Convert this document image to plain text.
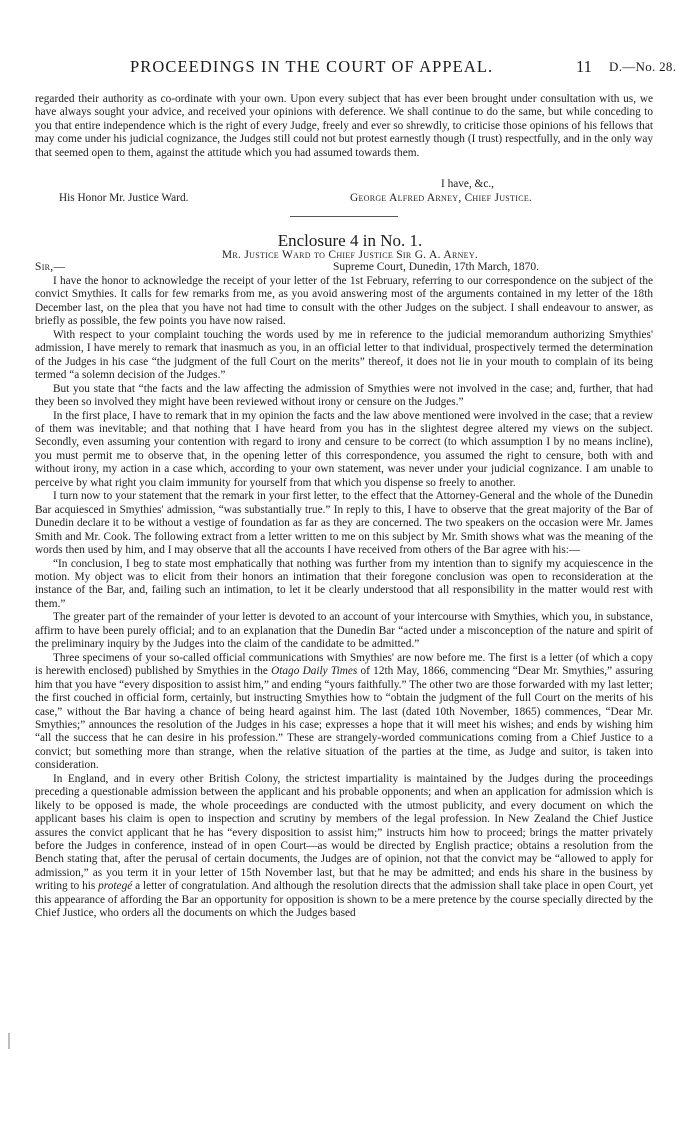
PROCEEDINGS IN THE COURT OF APPEAL.	11 D.—No. 28.

regarded their authority as co-ordinate with your own. Upon every subject that has ever been brought under consultation with us, we have always sought your advice, and received your opinions with deference. We shall continue to do the same, but while conceding to you that entire independence which is the right of every Judge, freely and ever so shrewdly, to criticise those opinions of his fellows that may come under his judicial cognizance, the Judges still could not but protest earnestly though (I trust) respectfully, and in the only way that seemed open to them, against the attitude which you had assumed towards them.

I have, &c.,
His Honor Mr. Justice Ward.	George Alfred Arney, Chief Justice.
Enclosure 4 in No. 1.
Mr. Justice Ward to Chief Justice Sir G. A. Arney.
Sir,—	Supreme Court, Dunedin, 17th March, 1870.

I have the honor to acknowledge the receipt of your letter of the 1st February, referring to our correspondence on the subject of the convict Smythies. It calls for few remarks from me, as you avoid answering most of the arguments contained in my letter of the 18th December last, on the plea that you have not had time to consult with the other Judges on the subject. I shall endeavour to answer, as briefly as possible, the few points you have now raised.

With respect to your complaint touching the words used by me in reference to the judicial memorandum authorizing Smythies' admission, I have merely to remark that inasmuch as you, in an official letter to that individual, prospectively termed the determination of the Judges in his case “the judgment of the full Court on the merits” thereof, it does not lie in your mouth to complain of its being termed “a solemn decision of the Judges.”

But you state that “the facts and the law affecting the admission of Smythies were not involved in the case; and, further, that had they been so involved they might have been reviewed without irony or censure on the Judges.”

In the first place, I have to remark that in my opinion the facts and the law above mentioned were involved in the case; that a review of them was inevitable; and that nothing that I have heard from you has in the slightest degree altered my views on the subject. Secondly, even assuming your contention with regard to irony and censure to be correct (to which assumption I by no means incline), you must permit me to observe that, in the opening letter of this correspondence, you assumed the right to censure, both with and without irony, my action in a case which, according to your own statement, was never under your judicial cognizance. I am unable to perceive by what right you claim immunity for yourself from that which you dispense so freely to another.

I turn now to your statement that the remark in your first letter, to the effect that the Attorney-General and the whole of the Dunedin Bar acquiesced in Smythies' admission, “was substantially true.” In reply to this, I have to observe that the great majority of the Bar of Dunedin declare it to be without a vestige of foundation as far as they are concerned. The two speakers on the occasion were Mr. James Smith and Mr. Cook. The following extract from a letter written to me on this subject by Mr. Smith shows what was the meaning of the words then used by him, and I may observe that all the accounts I have received from others of the Bar agree with his:—

“In conclusion, I beg to state most emphatically that nothing was further from my intention than to signify my acquiescence in the motion. My object was to elicit from their honors an intimation that their foregone conclusion was open to reconsideration at the instance of the Bar, and, failing such an intimation, to let it be clearly understood that all responsibility in the matter would rest with them.”

The greater part of the remainder of your letter is devoted to an account of your intercourse with Smythies, which you, in substance, affirm to have been purely official; and to an explanation that the Dunedin Bar “acted under a misconception of the nature and spirit of the preliminary inquiry by the Judges into the claim of the candidate to be admitted.”

Three specimens of your so-called official communications with Smythies' are now before me. The first is a letter (of which a copy is herewith enclosed) published by Smythies in the Otago Daily Times of 12th May, 1866, commencing “Dear Mr. Smythies,” assuring him that you have “every disposition to assist him,” and ending “yours faithfully.” The other two are those forwarded with my last letter; the first couched in official form, certainly, but instructing Smythies how to “obtain the judgment of the full Court on the merits of his case,” without the Bar having a chance of being heard against him. The last (dated 10th November, 1865) commences, “Dear Mr. Smythies;” announces the resolution of the Judges in his case; expresses a hope that it will meet his wishes; and ends by wishing him “all the success that he can desire in his profession.” These are strangely-worded communications coming from a Chief Justice to a convict; but something more than strange, when the relative situation of the parties at the time, as Judge and suitor, is taken into consideration.

In England, and in every other British Colony, the strictest impartiality is maintained by the Judges during the proceedings preceding a questionable admission between the applicant and his probable opponents; and when an application for admission which is likely to be opposed is made, the whole proceedings are conducted with the utmost publicity, and every document on which the applicant bases his claim is open to inspection and scrutiny by members of the legal profession. In New Zealand the Chief Justice assures the convict applicant that he has “every disposition to assist him;” instructs him how to proceed; brings the matter privately before the Judges in conference, instead of in open Court—as would be directed by English practice; obtains a resolution from the Bench stating that, after the perusal of certain documents, the Judges are of opinion, not that the convict may be “allowed to apply for admission,” as you term it in your letter of 15th November last, but that he may be admitted; and ends his share in the business by writing to his protegé a letter of congratulation. And although the resolution directs that the admission shall take place in open Court, yet this appearance of affording the Bar an opportunity for opposition is shown to be a mere pretence by the course specially directed by the Chief Justice, who orders all the documents on which the Judges based
